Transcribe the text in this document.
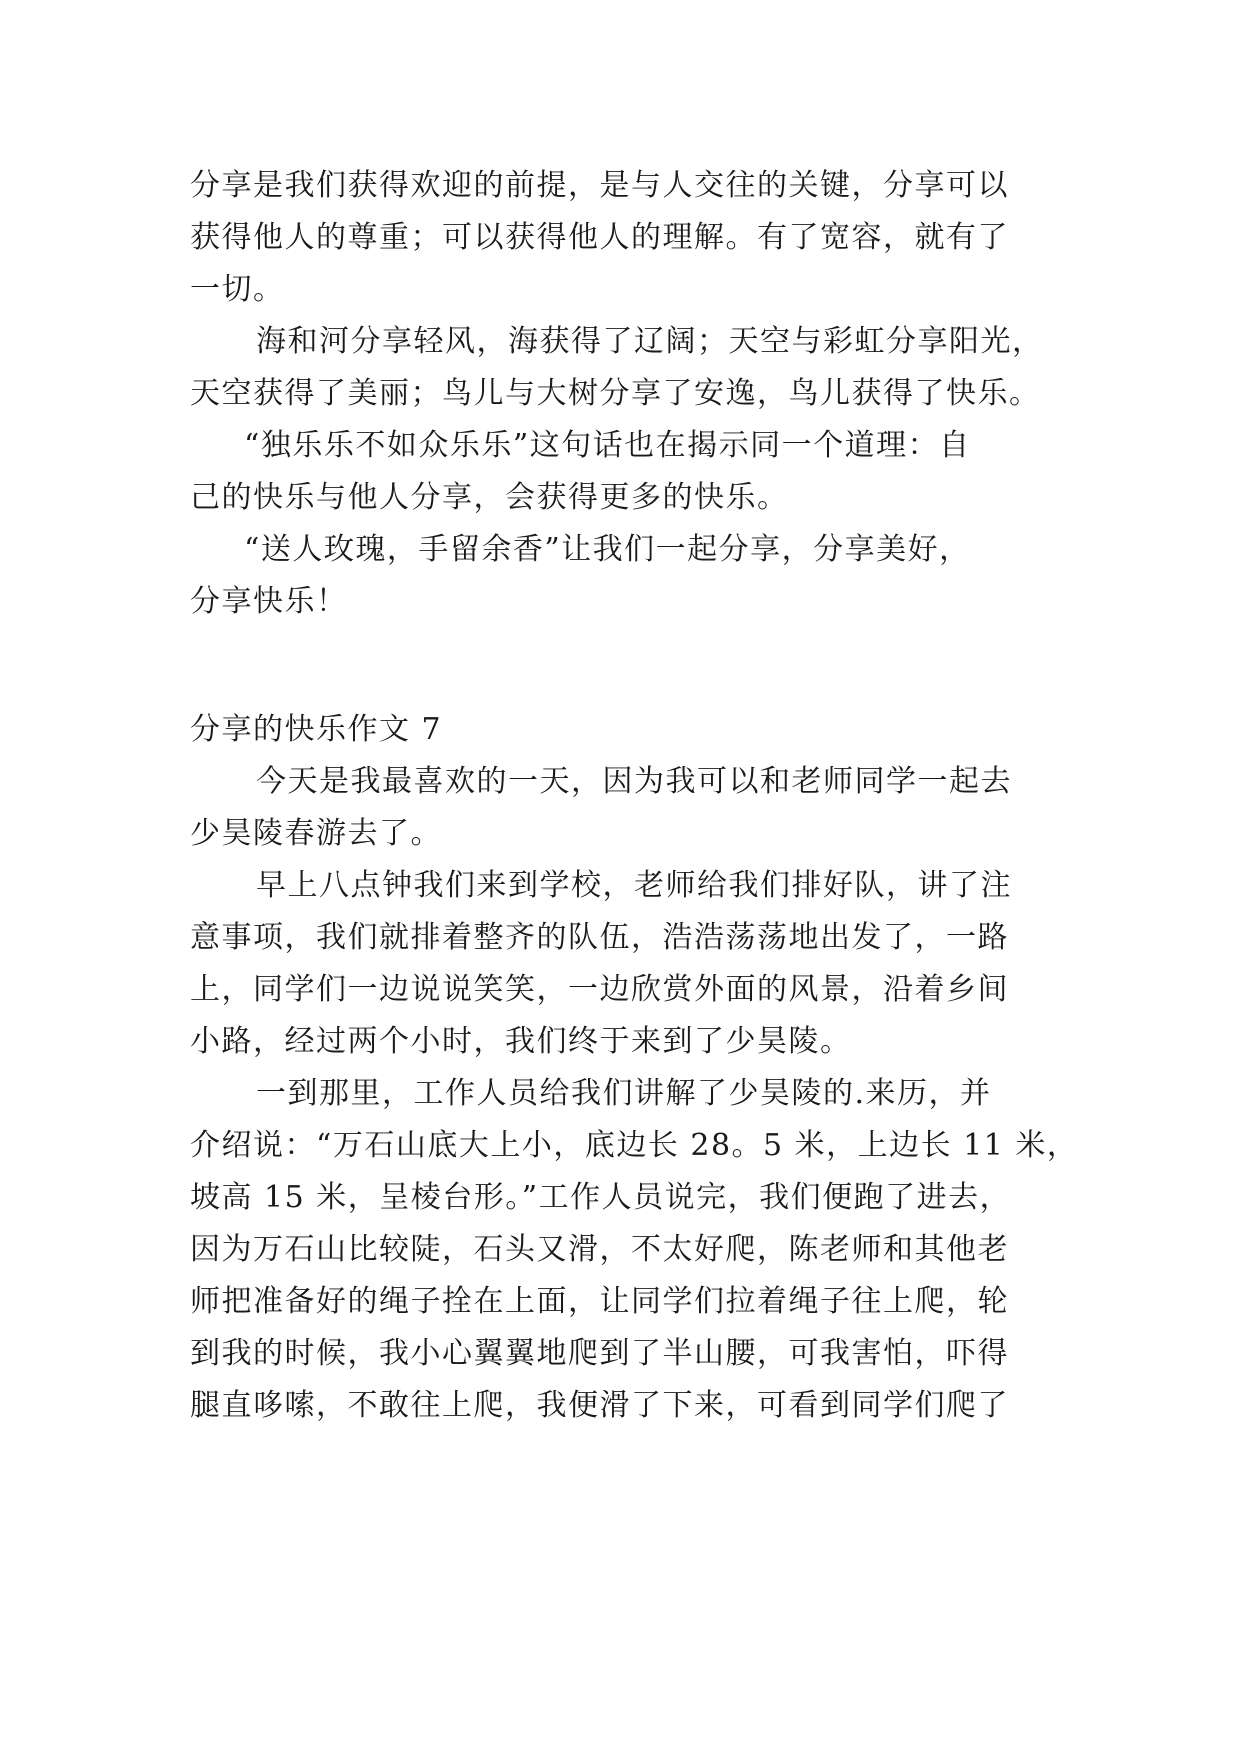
分享是我们获得欢迎的前提，是与人交往的关键，分享可以

获得他人的尊重；可以获得他人的理解。有了宽容，就有了

一切。

海和河分享轻风，海获得了辽阔；天空与彩虹分享阳光，

天空获得了美丽；鸟儿与大树分享了安逸，鸟儿获得了快乐。

“独乐乐不如众乐乐”这句话也在揭示同一个道理：自

己的快乐与他人分享，会获得更多的快乐。

“送人玫瑰，手留余香”让我们一起分享，分享美好，

分享快乐！

分享的快乐作文 7

今天是我最喜欢的一天，因为我可以和老师同学一起去

少昊陵春游去了。

早上八点钟我们来到学校，老师给我们排好队，讲了注

意事项，我们就排着整齐的队伍，浩浩荡荡地出发了，一路

上，同学们一边说说笑笑，一边欣赏外面的风景，沿着乡间

小路，经过两个小时，我们终于来到了少昊陵。

一到那里，工作人员给我们讲解了少昊陵的.来历，并

介绍说：“万石山底大上小，底边长 28。5 米，上边长 11 米，

坡高 15 米，呈棱台形。”工作人员说完，我们便跑了进去，

因为万石山比较陡，石头又滑，不太好爬，陈老师和其他老

师把准备好的绳子拴在上面，让同学们拉着绳子往上爬，轮

到我的时候，我小心翼翼地爬到了半山腰，可我害怕，吓得

腿直哆嗦，不敢往上爬，我便滑了下来，可看到同学们爬了
